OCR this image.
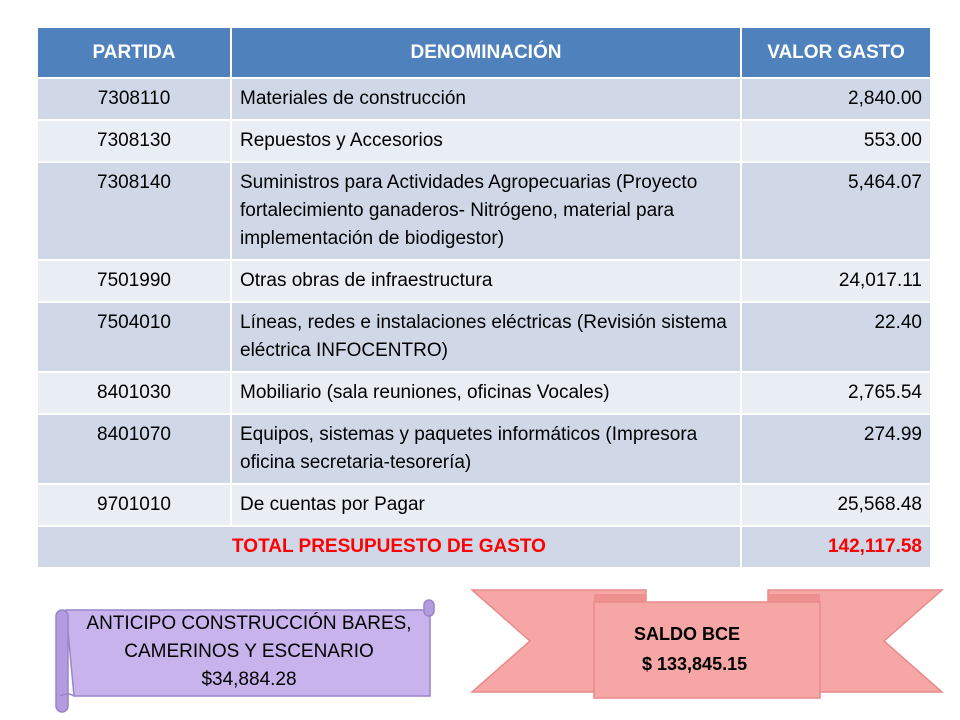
PARTIDA	DENOMINACIÓN	VALOR GASTO
7308110	Materiales de construcción	2,840.00
7308130	Repuestos y Accesorios	553.00
7308140	Suministros para Actividades Agropecuarias (Proyecto fortalecimiento ganaderos- Nitrógeno, material para implementación de biodigestor)	5,464.07
7501990	Otras obras de infraestructura	24,017.11
7504010	Líneas, redes e instalaciones eléctricas (Revisión sistema eléctrica INFOCENTRO)	22.40
8401030	Mobiliario (sala reuniones, oficinas Vocales)	2,765.54
8401070	Equipos, sistemas y paquetes informáticos (Impresora oficina secretaria-tesorería)	274.99
9701010	De cuentas por Pagar	25,568.48
TOTAL PRESUPUESTO DE GASTO		142,117.58
ANTICIPO CONSTRUCCIÓN BARES,
CAMERINOS Y ESCENARIO
$34,884.28
SALDO BCE
$ 133,845.15
